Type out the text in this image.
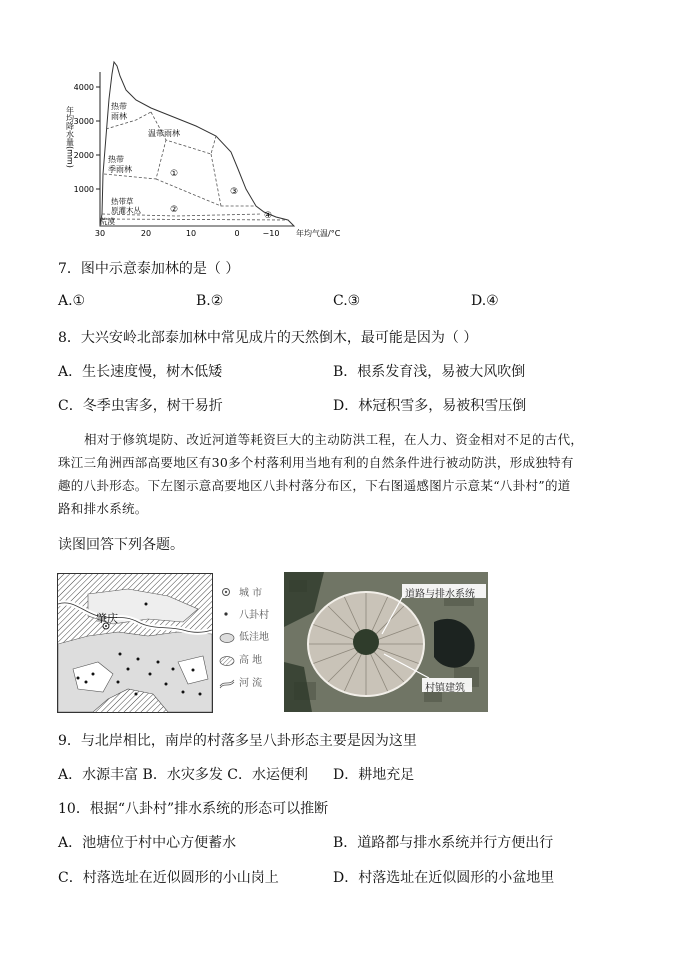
4000
3000
2000
1000
年均降水量(mm)
30	20	10	0	−10 年均气温/°C
热带雨林
温带雨林
热带季雨林
热带草原灌木丛
荒漠
①
②
③
④
7．图中示意泰加林的是（ ）
A.①	B.②	C.③	D.④
8．大兴安岭北部泰加林中常见成片的天然倒木，最可能是因为（ ）
A．生长速度慢，树木低矮	B．根系发育浅，易被大风吹倒
C．冬季虫害多，树干易折	D．林冠积雪多，易被积雪压倒
相对于修筑堤防、改近河道等耗资巨大的主动防洪工程，在人力、资金相对不足的古代，
珠江三角洲西部高要地区有30多个村落利用当地有利的自然条件进行被动防洪，形成独特有
趣的八卦形态。下左图示意高要地区八卦村落分布区，下右图遥感图片示意某“八卦村”的道
路和排水系统。
读图回答下列各题。
肇庆
城 市
八卦村
低洼地
高 地
河 流
道路与排水系统
村镇建筑
9．与北岸相比，南岸的村落多呈八卦形态主要是因为这里
A．水源丰富 B．水灾多发 C．水运便利 D．耕地充足
10．根据“八卦村”排水系统的形态可以推断
A．池塘位于村中心方便蓄水	B．道路都与排水系统并行方便出行
C．村落选址在近似圆形的小山岗上	D．村落选址在近似圆形的小盆地里
